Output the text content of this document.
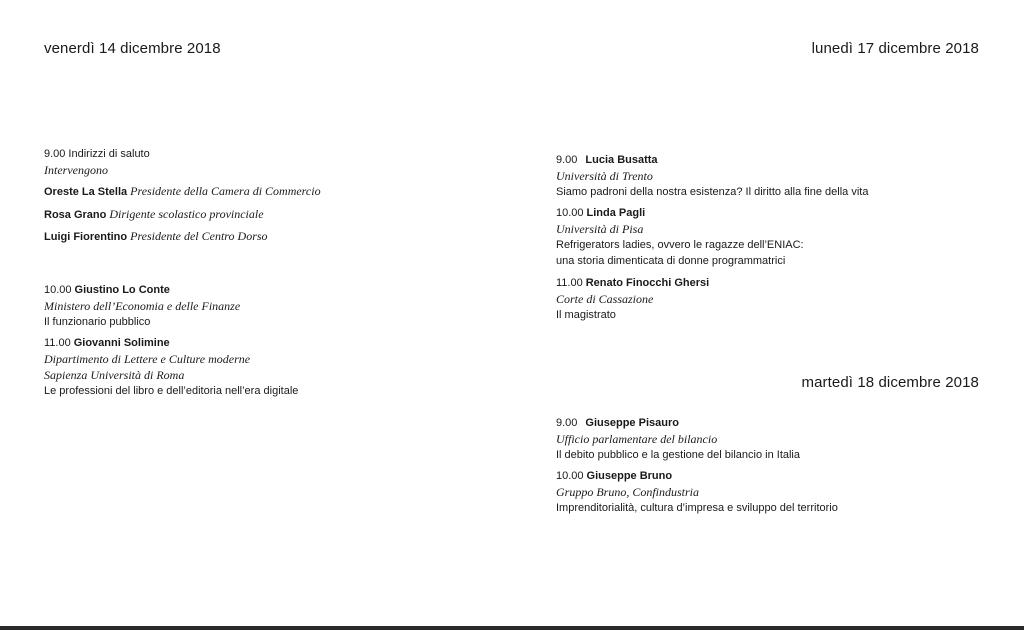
venerdì 14 dicembre 2018	lunedì 17 dicembre 2018
martedì 18 dicembre 2018
9.00 Indirizzi di saluto
Intervengono
Oreste La Stella Presidente della Camera di Commercio
Rosa Grano Dirigente scolastico provinciale
Luigi Fiorentino Presidente del Centro Dorso
10.00 Giustino Lo Conte
Ministero dell’Economia e delle Finanze
Il funzionario pubblico
11.00 Giovanni Solimine
Dipartimento di Lettere e Culture moderne
Sapienza Università di Roma
Le professioni del libro e dell’editoria nell’era digitale
9.00 Lucia Busatta
Università di Trento
Siamo padroni della nostra esistenza? Il diritto alla fine della vita
10.00 Linda Pagli
Università di Pisa
Refrigerators ladies, ovvero le ragazze dell’ENIAC:
una storia dimenticata di donne programmatrici
11.00 Renato Finocchi Ghersi
Corte di Cassazione
Il magistrato
9.00 Giuseppe Pisauro
Ufficio parlamentare del bilancio
Il debito pubblico e la gestione del bilancio in Italia
10.00 Giuseppe Bruno
Gruppo Bruno, Confindustria
Imprenditorialità, cultura d’impresa e sviluppo del territorio
